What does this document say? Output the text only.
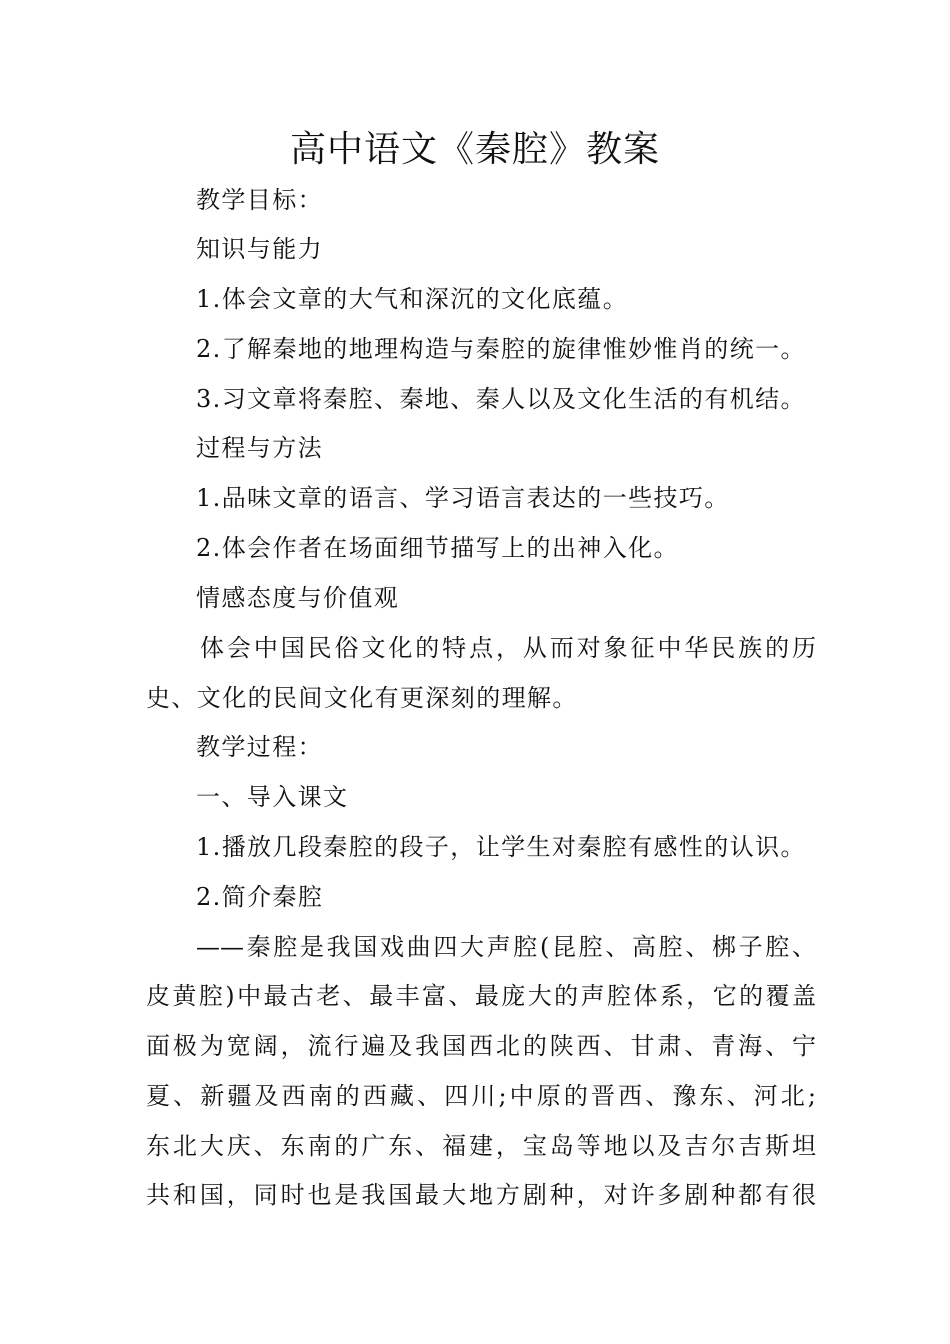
高中语文《秦腔》教案
教学目标：
知识与能力
1.体会文章的大气和深沉的文化底蕴。
2.了解秦地的地理构造与秦腔的旋律惟妙惟肖的统一。
3.习文章将秦腔、秦地、秦人以及文化生活的有机结。
过程与方法
1.品味文章的语言、学习语言表达的一些技巧。
2.体会作者在场面细节描写上的出神入化。
情感态度与价值观
体会中国民俗文化的特点，从而对象征中华民族的历
史、文化的民间文化有更深刻的理解。
教学过程：
一、导入课文
1.播放几段秦腔的段子，让学生对秦腔有感性的认识。
2.简介秦腔
——秦腔是我国戏曲四大声腔(昆腔、高腔、梆子腔、
皮黄腔)中最古老、最丰富、最庞大的声腔体系，它的覆盖
面极为宽阔，流行遍及我国西北的陕西、甘肃、青海、宁
夏、新疆及西南的西藏、四川;中原的晋西、豫东、河北;
东北大庆、东南的广东、福建，宝岛等地以及吉尔吉斯坦
共和国，同时也是我国最大地方剧种，对许多剧种都有很
